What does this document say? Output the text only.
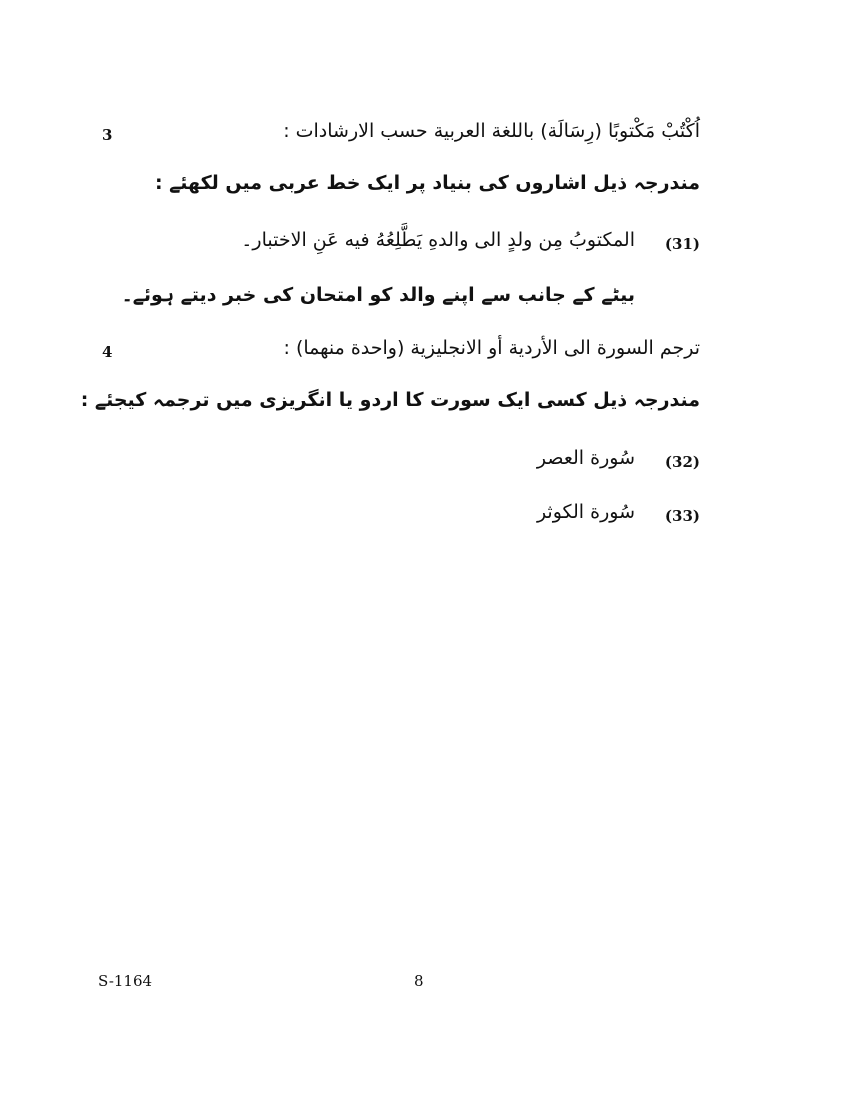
3	اُكْتُبْ مَكْتوبًا (رِسَالَة) باللغة العربية حسب الارشادات :
مندرجہ ذیل اشاروں کی بنیاد پر ایک خط عربی میں لکھئے :
(31)
المكتوبُ مِن ولدٍ الى والدهِ يَطَّلِعُهُ فيه عَنِ الاختبار۔
بیٹے کے جانب سے اپنے والد کو امتحان کی خبر دیتے ہوئے۔
4	ترجم السورة الى الأردية أو الانجليزية (واحدة منهما) :
مندرجہ ذیل کسی ایک سورت کا اردو یا انگریزی میں ترجمہ کیجئے :
(32)
سُورة العصر
(33)
سُورة الكوثر
S-1164	8
